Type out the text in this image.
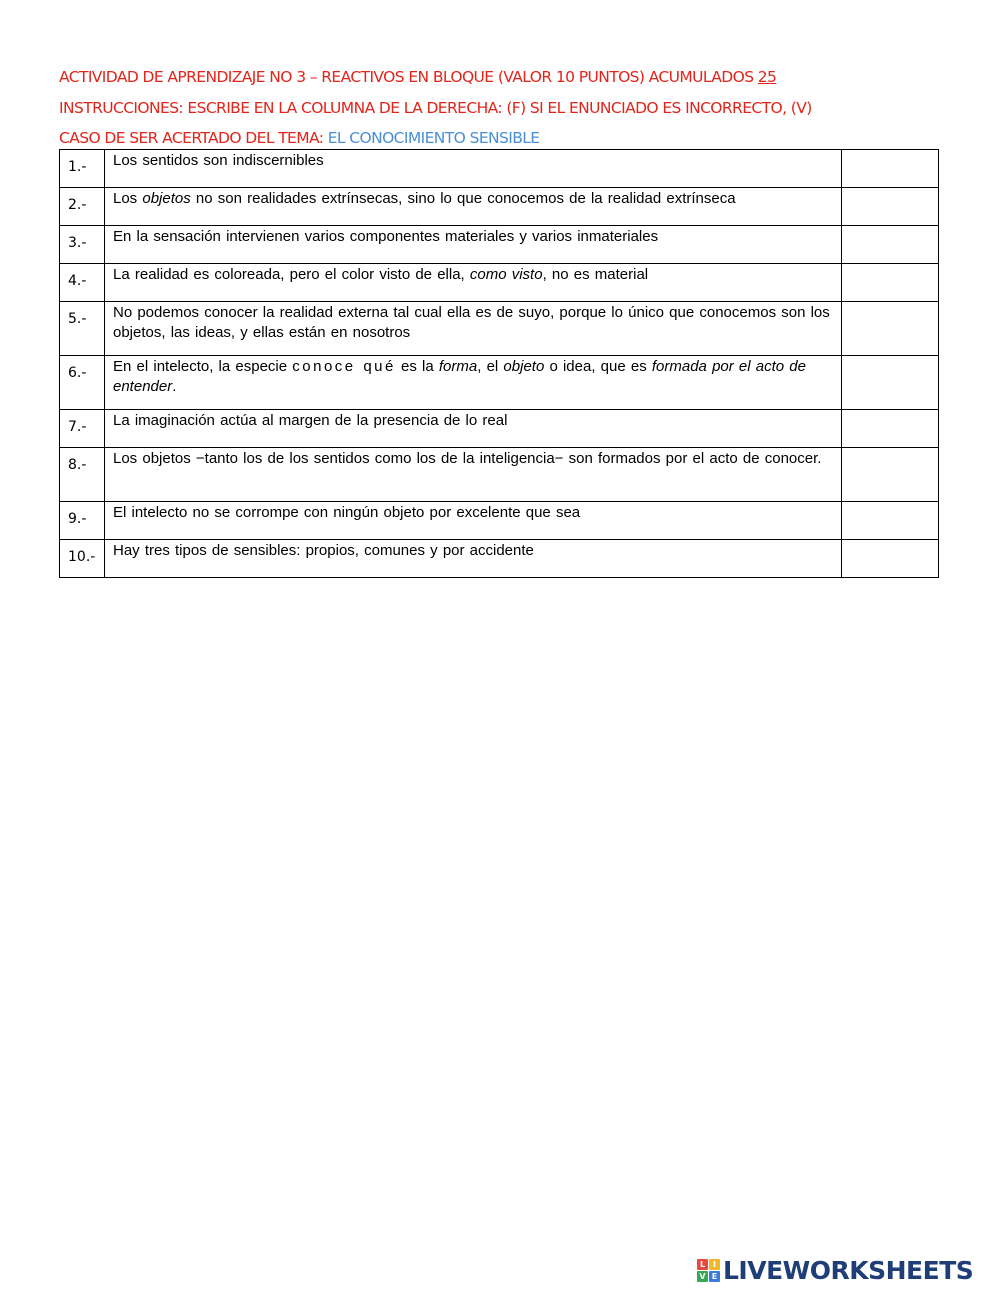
ACTIVIDAD DE APRENDIZAJE NO 3 – REACTIVOS EN BLOQUE (VALOR 10 PUNTOS) ACUMULADOS 25
INSTRUCCIONES: ESCRIBE EN LA COLUMNA DE LA DERECHA: (F) SI EL ENUNCIADO ES INCORRECTO, (V)
CASO DE SER ACERTADO DEL TEMA: EL CONOCIMIENTO SENSIBLE
1.-	Los sentidos son indiscernibles	

2.-	Los objetos no son realidades extrínsecas, sino lo que conocemos de la realidad extrínseca	

3.-	En la sensación intervienen varios componentes materiales y varios inmateriales	

4.-	La realidad es coloreada, pero el color visto de ella, como visto, no es material	

5.-	No podemos conocer la realidad externa tal cual ella es de suyo, porque lo único que conocemos son los objetos, las ideas, y ellas están en nosotros	

6.-	En el intelecto, la especie conoce qué es la forma, el objeto o idea, que es formada por el acto de entender.	

7.-	La imaginación actúa al margen de la presencia de lo real	

8.-	Los objetos −tanto los de los sentidos como los de la inteligencia− son formados por el acto de conocer.	

9.-	El intelecto no se corrompe con ningún objeto por excelente que sea	

10.-	Hay tres tipos de sensibles: propios, comunes y por accidente	
L I
V E LIVEWORKSHEETS
